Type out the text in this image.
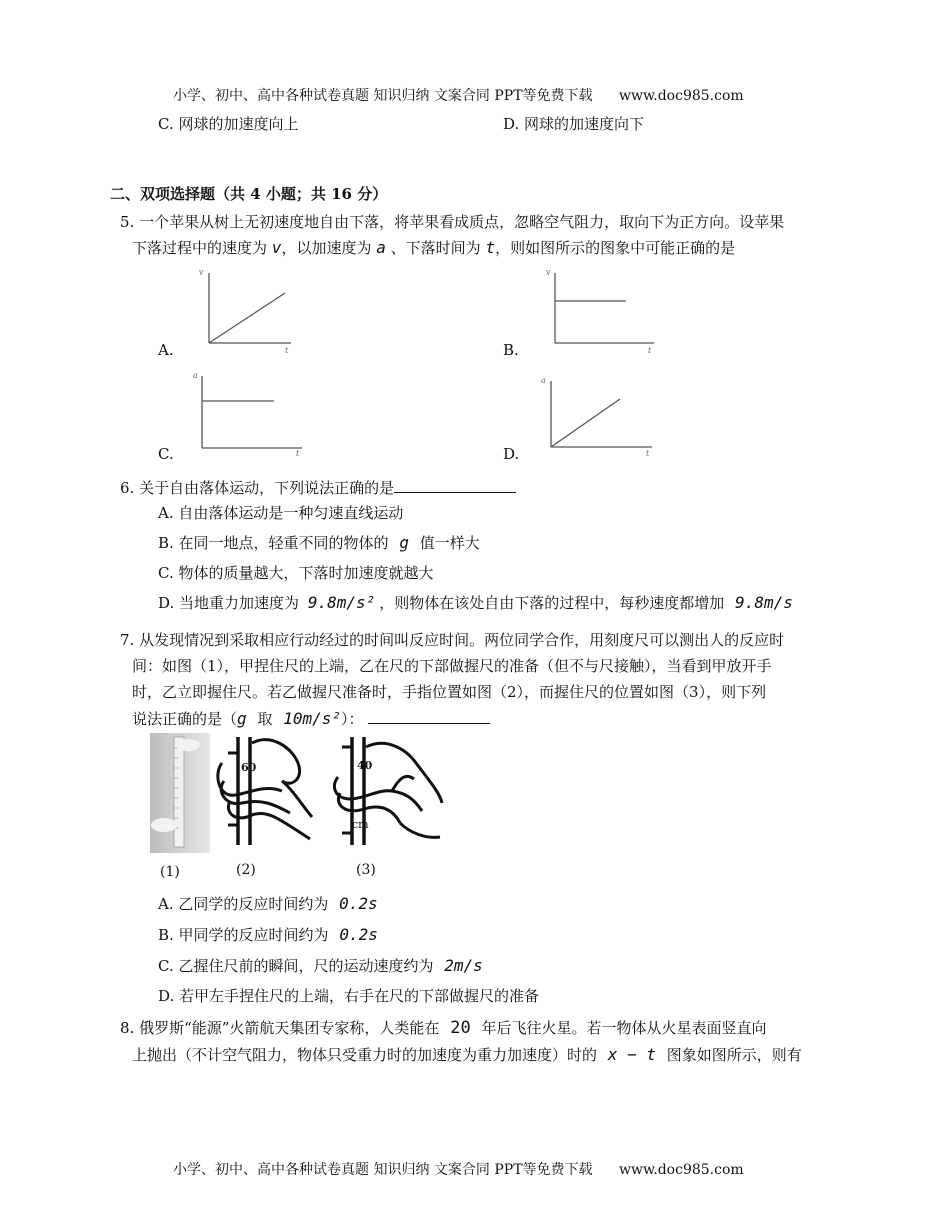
小学、初中、高中各种试卷真题 知识归纳 文案合同 PPT等免费下载 www.doc985.com
C. 网球的加速度向上	D. 网球的加速度向下
二、双项选择题（共 4 小题；共 16 分）
5. 一个苹果从树上无初速度地自由下落，将苹果看成质点，忽略空气阻力，取向下为正方向。设苹果
下落过程中的速度为 v，以加速度为 a 、下落时间为 t，则如图所示的图象中可能正确的是
v
t
A.
v
t
B.
a
t
C.
a
t
D.
6. 关于自由落体运动，下列说法正确的是
A. 自由落体运动是一种匀速直线运动
B. 在同一地点，轻重不同的物体的 g 值一样大
C. 物体的质量越大，下落时加速度就越大
D. 当地重力加速度为 9.8m/s² ，则物体在该处自由下落的过程中，每秒速度都增加 9.8m/s
7. 从发现情况到采取相应行动经过的时间叫反应时间。两位同学合作，用刻度尺可以测出人的反应时
间：如图（1），甲捏住尺的上端，乙在尺的下部做握尺的准备（但不与尺接触），当看到甲放开手
时，乙立即握住尺。若乙做握尺准备时，手指位置如图（2），而握住尺的位置如图（3），则下列
说法正确的是（g 取 10m/s²）：
60	40
cm
(1)	(2)	(3)
A. 乙同学的反应时间约为 0.2s
B. 甲同学的反应时间约为 0.2s
C. 乙握住尺前的瞬间，尺的运动速度约为 2m/s
D. 若甲左手捏住尺的上端，右手在尺的下部做握尺的准备
8. 俄罗斯“能源”火箭航天集团专家称，人类能在 20 年后飞往火星。若一物体从火星表面竖直向
上抛出（不计空气阻力，物体只受重力时的加速度为重力加速度）时的 x − t 图象如图所示，则有
小学、初中、高中各种试卷真题 知识归纳 文案合同 PPT等免费下载 www.doc985.com
